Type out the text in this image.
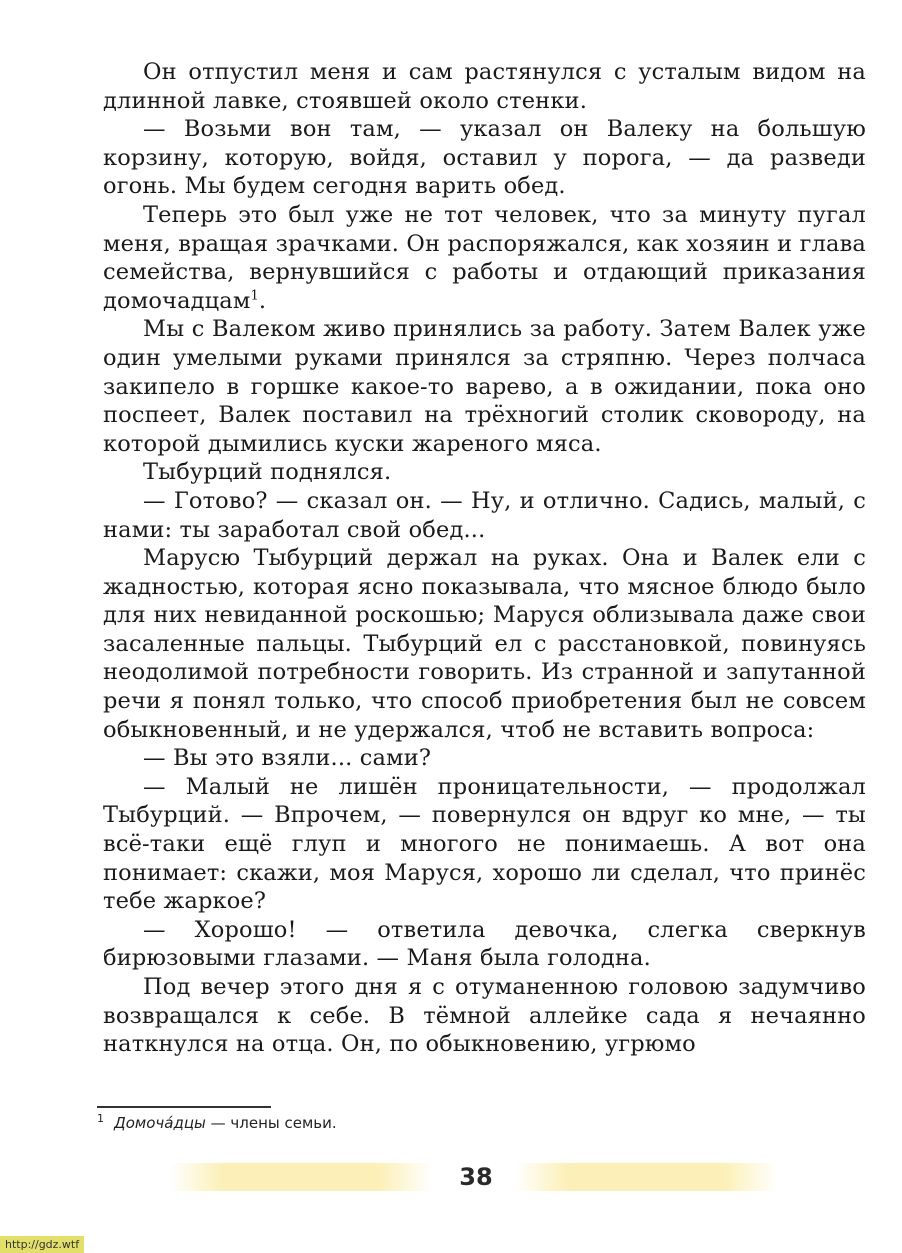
Он отпустил меня и сам растянулся с усталым видом на длинной лавке, стоявшей около стенки.

— Возьми вон там, — указал он Валеку на большую корзину, которую, войдя, оставил у порога, — да разведи огонь. Мы будем сегодня варить обед.

Теперь это был уже не тот человек, что за минуту пугал меня, вращая зрачками. Он распоряжался, как хозяин и глава семейства, вернувшийся с работы и отдающий приказания домочадцам$^1$.

Мы с Валеком живо принялись за работу. Затем Валек уже один умелыми руками принялся за стряпню. Через полчаса закипело в горшке какое-то варево, а в ожидании, пока оно поспеет, Валек поставил на трёхногий столик сковороду, на которой дымились куски жареного мяса.

Тыбурций поднялся.

— Готово? — сказал он. — Ну, и отлично. Садись, малый, с нами: ты заработал свой обед...

Марусю Тыбурций держал на руках. Она и Валек ели с жадностью, которая ясно показывала, что мясное блюдо было для них невиданной роскошью; Маруся облизывала даже свои засаленные пальцы. Тыбурций ел с расстановкой, повинуясь неодолимой потребности говорить. Из странной и запутанной речи я понял только, что способ приобретения был не совсем обыкновенный, и не удержался, чтоб не вставить вопроса:

— Вы это взяли... сами?

— Малый не лишён проницательности, — продолжал Тыбурций. — Впрочем, — повернулся он вдруг ко мне, — ты всё-таки ещё глуп и многого не понимаешь. А вот она понимает: скажи, моя Маруся, хорошо ли сделал, что принёс тебе жаркое?

— Хорошо! — ответила девочка, слегка сверкнув бирюзовыми глазами. — Маня была голодна.

Под вечер этого дня я с отуманенною головою задумчиво возвращался к себе. В тёмной аллейке сада я нечаянно наткнулся на отца. Он, по обыкновению, угрюмо

$^1$ Домочáдцы — члены семьи.
38
http://gdz.wtf
